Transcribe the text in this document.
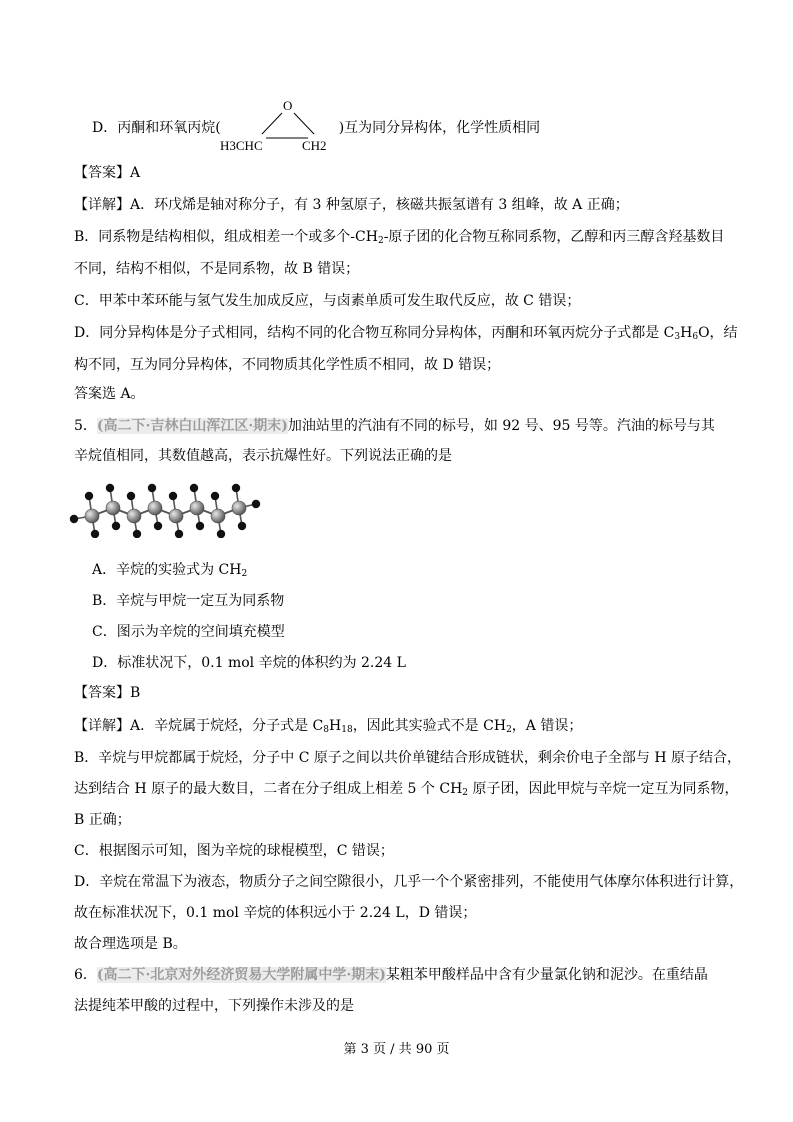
D．丙酮和环氧丙烷(	)互为同分异构体，化学性质相同
O
H3CHC	CH2
【答案】A
【详解】A．环戊烯是轴对称分子，有 3 种氢原子，核磁共振氢谱有 3 组峰，故 A 正确；
B．同系物是结构相似，组成相差一个或多个$-CH_2-$原子团的化合物互称同系物，乙醇和丙三醇含羟基数目
不同，结构不相似，不是同系物，故 B 错误；
C．甲苯中苯环能与氢气发生加成反应，与卤素单质可发生取代反应，故 C 错误；
D．同分异构体是分子式相同，结构不同的化合物互称同分异构体，丙酮和环氧丙烷分子式都是 $C_3H_6O$，结
构不同，互为同分异构体，不同物质其化学性质不相同，故 D 错误；
答案选 A。
5．(高二下·吉林白山浑江区·期末)加油站里的汽油有不同的标号，如 92 号、95 号等。汽油的标号与其
辛烷值相同，其数值越高，表示抗爆性好。下列说法正确的是
A．辛烷的实验式为 $CH_2$
B．辛烷与甲烷一定互为同系物
C．图示为辛烷的空间填充模型
D．标准状况下，0.1 mol 辛烷的体积约为 2.24 L
【答案】B
【详解】A．辛烷属于烷烃，分子式是 $C_8H_{18}$，因此其实验式不是 $CH_2$，A 错误；
B．辛烷与甲烷都属于烷烃，分子中 C 原子之间以共价单键结合形成链状，剩余价电子全部与 H 原子结合，
达到结合 H 原子的最大数目，二者在分子组成上相差 5 个 $CH_2$ 原子团，因此甲烷与辛烷一定互为同系物，
B 正确；
C．根据图示可知，图为辛烷的球棍模型，C 错误；
D．辛烷在常温下为液态，物质分子之间空隙很小，几乎一个个紧密排列，不能使用气体摩尔体积进行计算，
故在标准状况下，0.1 mol 辛烷的体积远小于 2.24 L，D 错误；
故合理选项是 B。
6．(高二下·北京对外经济贸易大学附属中学·期末)某粗苯甲酸样品中含有少量氯化钠和泥沙。在重结晶
法提纯苯甲酸的过程中，下列操作未涉及的是
第 3 页 / 共 90 页
